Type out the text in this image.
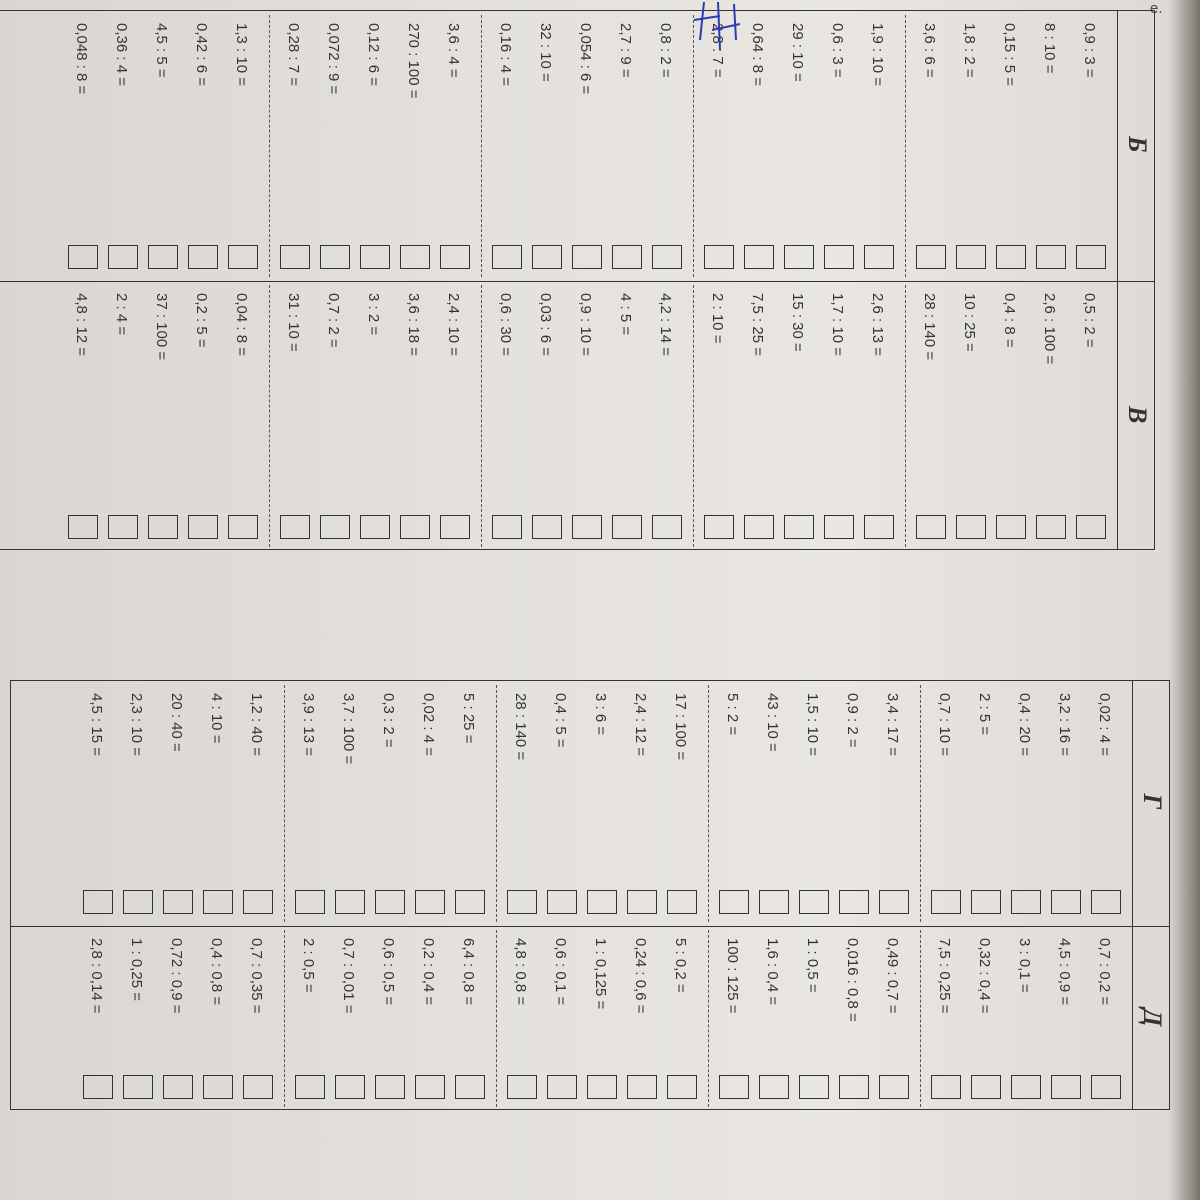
е.
Б
0,9 : 3 =
8 : 10 =
0,15 : 5 =
1,8 : 2 =
3,6 : 6 =
1,9 : 10 =
0,6 : 3 =
29 : 10 =
0,64 : 8 =
2,8 : 7 =
0,8 : 2 =
2,7 : 9 =
0,054 : 6 =
32 : 10 =
0,16 : 4 =
3,6 : 4 =
270 : 100 =
0,12 : 6 =
0,072 : 9 =
0,28 : 7 =
1,3 : 10 =
0,42 : 6 =
4,5 : 5 =
0,36 : 4 =
0,048 : 8 =
В
0,5 : 2 =
2,6 : 100 =
0,4 : 8 =
10 : 25 =
28 : 140 =
2,6 : 13 =
1,7 : 10 =
15 : 30 =
7,5 : 25 =
2 : 10 =
4,2 : 14 =
4 : 5 =
0,9 : 10 =
0,03 : 6 =
0,6 : 30 =
2,4 : 10 =
3,6 : 18 =
3 : 2 =
0,7 : 2 =
31 : 10 =
0,04 : 8 =
0,2 : 5 =
37 : 100 =
2 : 4 =
4,8 : 12 =
Г
0,02 : 4 =
3,2 : 16 =
0,4 : 20 =
2 : 5 =
0,7 : 10 =
3,4 : 17 =
0,9 : 2 =
1,5 : 10 =
43 : 10 =
5 : 2 =
17 : 100 =
2,4 : 12 =
3 : 6 =
0,4 : 5 =
28 : 140 =
5 : 25 =
0,02 : 4 =
0,3 : 2 =
3,7 : 100 =
3,9 : 13 =
1,2 : 40 =
4 : 10 =
20 : 40 =
2,3 : 10 =
4,5 : 15 =
Д
0,7 : 0,2 =
4,5 : 0,9 =
3 : 0,1 =
0,32 : 0,4 =
7,5 : 0,25 =
0,49 : 0,7 =
0,016 : 0,8 =
1 : 0,5 =
1,6 : 0,4 =
100 : 125 =
5 : 0,2 =
0,24 : 0,6 =
1 : 0,125 =
0,6 : 0,1 =
4,8 : 0,8 =
6,4 : 0,8 =
0,2 : 0,4 =
0,6 : 0,5 =
0,7 : 0,01 =
2 : 0,5 =
0,7 : 0,35 =
0,4 : 0,8 =
0,72 : 0,9 =
1 : 0,25 =
2,8 : 0,14 =
